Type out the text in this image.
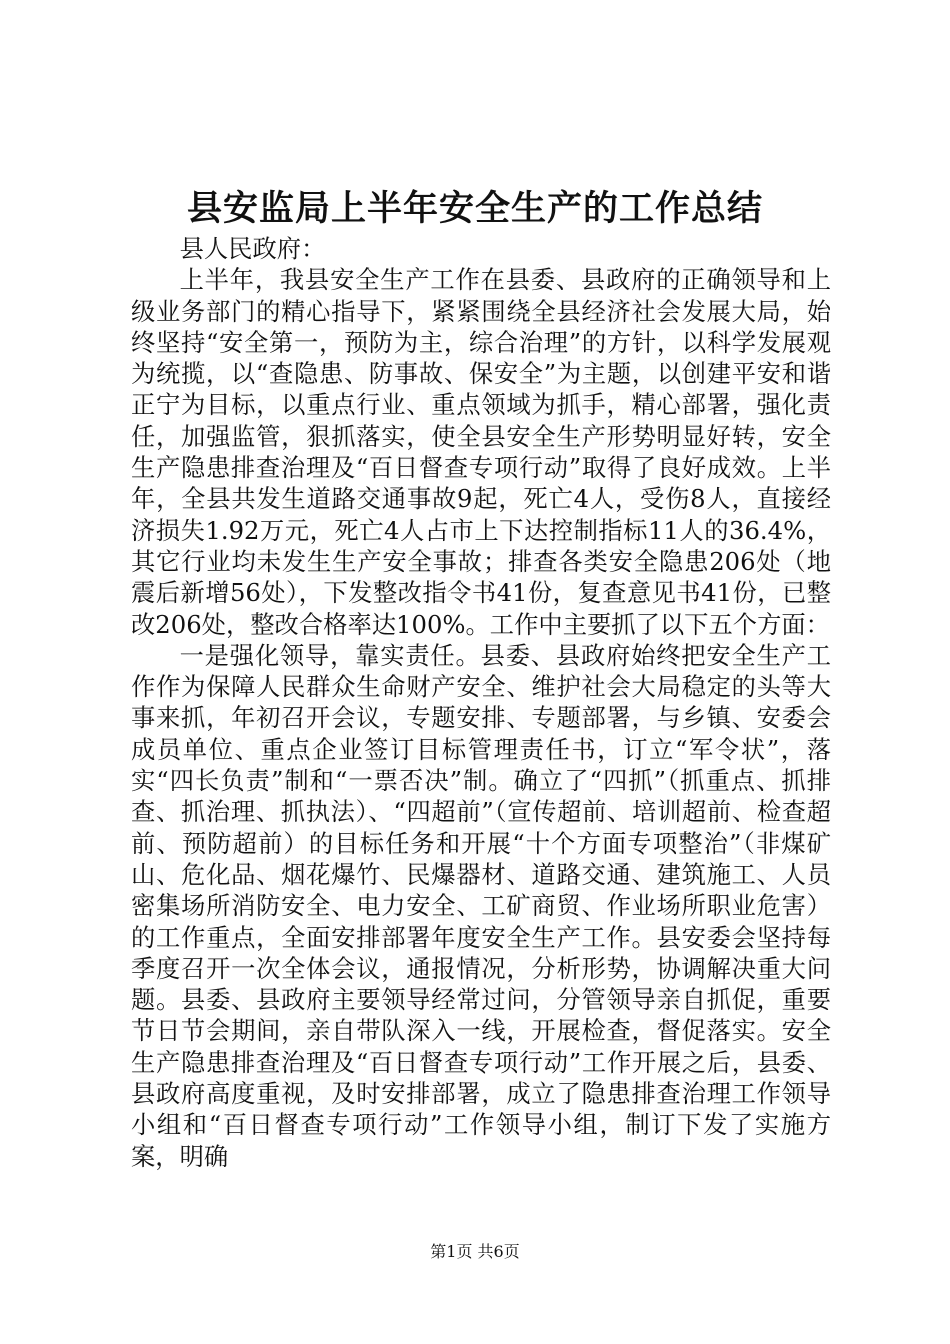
县安监局上半年安全生产的工作总结

县人民政府：

上半年，我县安全生产工作在县委、县政府的正确领导和上级业务部门的精心指导下，紧紧围绕全县经济社会发展大局，始终坚持“安全第一，预防为主，综合治理”的方针，以科学发展观为统揽，以“查隐患、防事故、保安全”为主题，以创建平安和谐正宁为目标，以重点行业、重点领域为抓手，精心部署，强化责任，加强监管，狠抓落实，使全县安全生产形势明显好转，安全生产隐患排查治理及“百日督查专项行动”取得了良好成效。上半年，全县共发生道路交通事故9起，死亡4人，受伤8人，直接经济损失1.92万元，死亡4人占市上下达控制指标11人的36.4%，其它行业均未发生生产安全事故；排查各类安全隐患206处（地震后新增56处），下发整改指令书41份，复查意见书41份，已整改206处，整改合格率达100%。工作中主要抓了以下五个方面：

一是强化领导，靠实责任。县委、县政府始终把安全生产工作作为保障人民群众生命财产安全、维护社会大局稳定的头等大事来抓，年初召开会议，专题安排、专题部署，与乡镇、安委会成员单位、重点企业签订目标管理责任书，订立“军令状”，落实“四长负责”制和“一票否决”制。确立了“四抓”（抓重点、抓排查、抓治理、抓执法）、“四超前”（宣传超前、培训超前、检查超前、预防超前）的目标任务和开展“十个方面专项整治”（非煤矿山、危化品、烟花爆竹、民爆器材、道路交通、建筑施工、人员密集场所消防安全、电力安全、工矿商贸、作业场所职业危害）的工作重点，全面安排部署年度安全生产工作。县安委会坚持每季度召开一次全体会议，通报情况，分析形势，协调解决重大问题。县委、县政府主要领导经常过问，分管领导亲自抓促，重要节日节会期间，亲自带队深入一线，开展检查，督促落实。安全生产隐患排查治理及“百日督查专项行动”工作开展之后，县委、县政府高度重视，及时安排部署，成立了隐患排查治理工作领导小组和“百日督查专项行动”工作领导小组，制订下发了实施方案，明确

第1页 共6页
